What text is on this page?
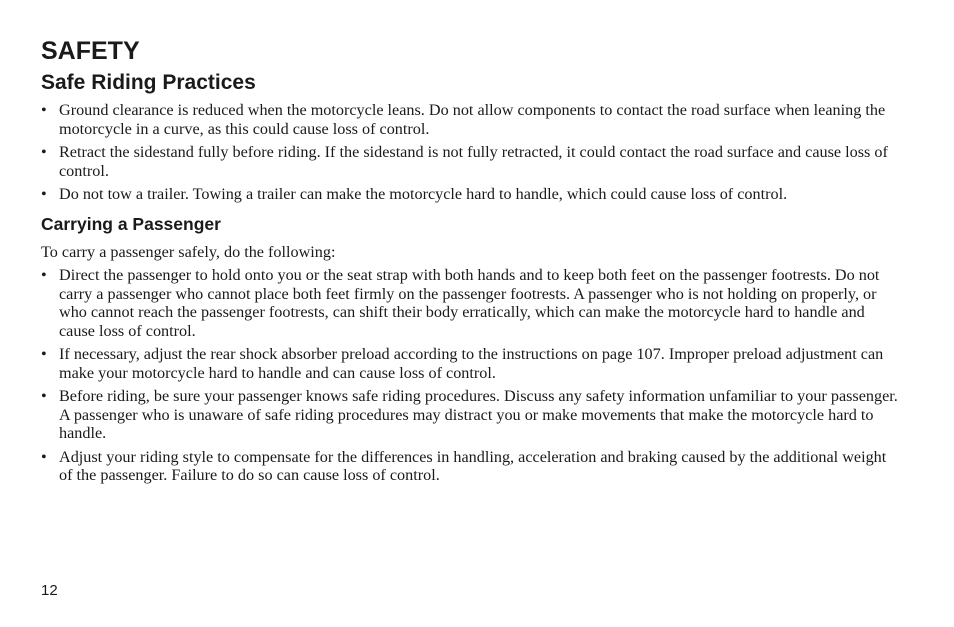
SAFETY
Safe Riding Practices
• Ground clearance is reduced when the motorcycle leans. Do not allow components to contact the road surface when leaning the motorcycle in a curve, as this could cause loss of control.
• Retract the sidestand fully before riding. If the sidestand is not fully retracted, it could contact the road surface and cause loss of control.
• Do not tow a trailer. Towing a trailer can make the motorcycle hard to handle, which could cause loss of control.
Carrying a Passenger

To carry a passenger safely, do the following:

• Direct the passenger to hold onto you or the seat strap with both hands and to keep both feet on the passenger footrests. Do not carry a passenger who cannot place both feet firmly on the passenger footrests. A passenger who is not holding on properly, or who cannot reach the passenger footrests, can shift their body erratically, which can make the motorcycle hard to handle and cause loss of control.
• If necessary, adjust the rear shock absorber preload according to the instructions on page 107. Improper preload adjustment can make your motorcycle hard to handle and can cause loss of control.
• Before riding, be sure your passenger knows safe riding procedures. Discuss any safety information unfamiliar to your passenger. A passenger who is unaware of safe riding procedures may distract you or make movements that make the motorcycle hard to handle.
• Adjust your riding style to compensate for the differences in handling, acceleration and braking caused by the additional weight of the passenger. Failure to do so can cause loss of control.
12
